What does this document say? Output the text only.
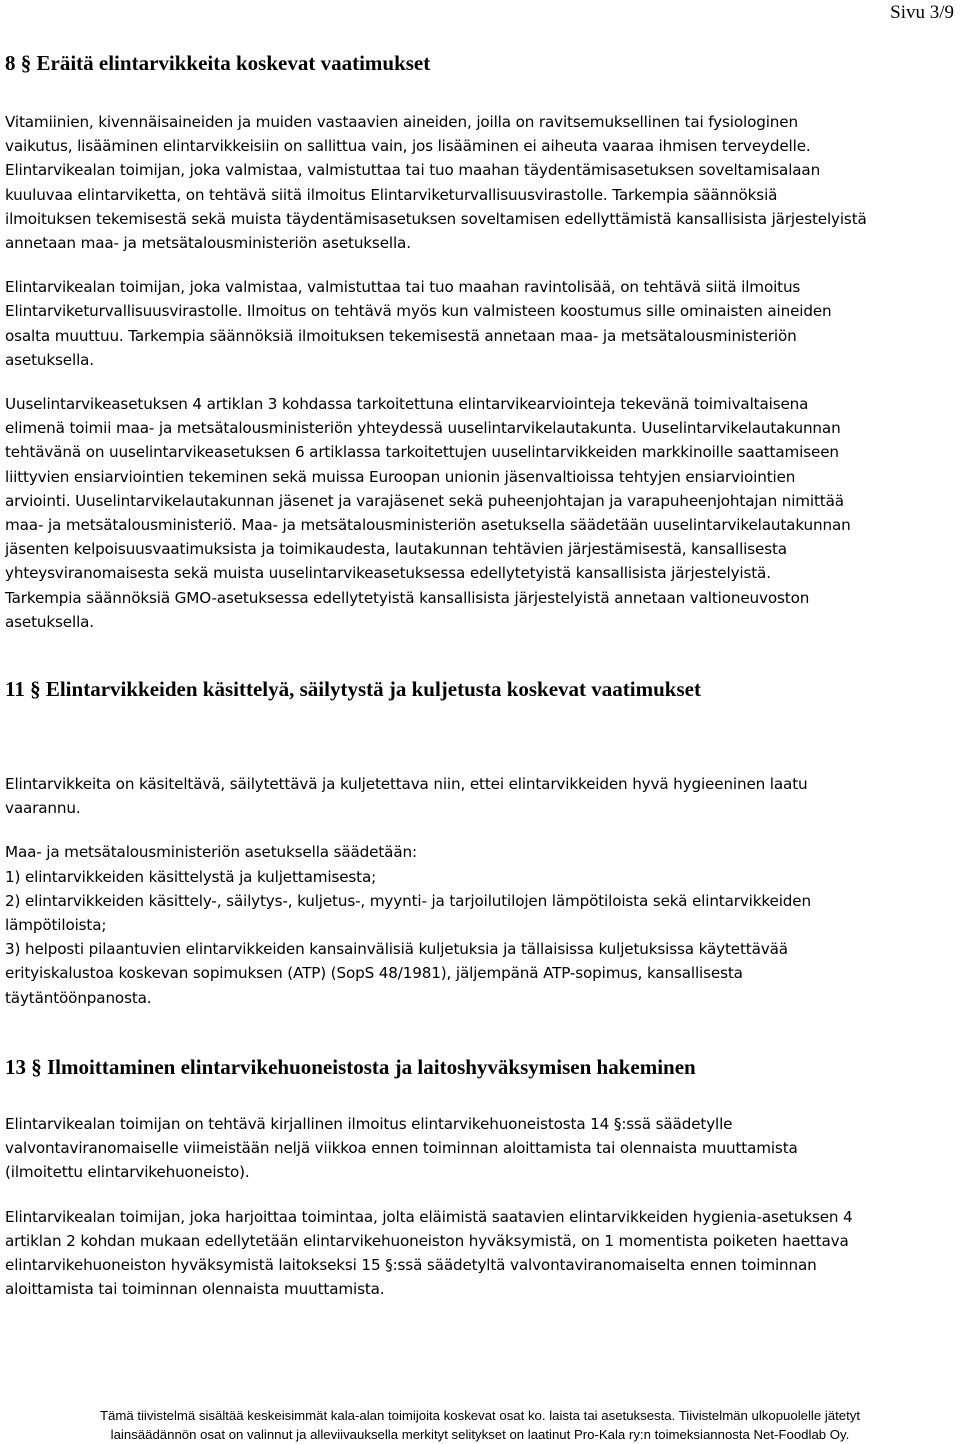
Sivu 3/9
8 § Eräitä elintarvikkeita koskevat vaatimukset

Vitamiinien, kivennäisaineiden ja muiden vastaavien aineiden, joilla on ravitsemuksellinen tai fysiologinen
vaikutus, lisääminen elintarvikkeisiin on sallittua vain, jos lisääminen ei aiheuta vaaraa ihmisen terveydelle.
Elintarvikealan toimijan, joka valmistaa, valmistuttaa tai tuo maahan täydentämisasetuksen soveltamisalaan
kuuluvaa elintarviketta, on tehtävä siitä ilmoitus Elintarviketurvallisuusvirastolle. Tarkempia säännöksiä
ilmoituksen tekemisestä sekä muista täydentämisasetuksen soveltamisen edellyttämistä kansallisista järjestelyistä
annetaan maa- ja metsätalousministeriön asetuksella.

Elintarvikealan toimijan, joka valmistaa, valmistuttaa tai tuo maahan ravintolisää, on tehtävä siitä ilmoitus
Elintarviketurvallisuusvirastolle. Ilmoitus on tehtävä myös kun valmisteen koostumus sille ominaisten aineiden
osalta muuttuu. Tarkempia säännöksiä ilmoituksen tekemisestä annetaan maa- ja metsätalousministeriön
asetuksella.

Uuselintarvikeasetuksen 4 artiklan 3 kohdassa tarkoitettuna elintarvikearviointeja tekevänä toimivaltaisena
elimenä toimii maa- ja metsätalousministeriön yhteydessä uuselintarvikelautakunta. Uuselintarvikelautakunnan
tehtävänä on uuselintarvikeasetuksen 6 artiklassa tarkoitettujen uuselintarvikkeiden markkinoille saattamiseen
liittyvien ensiarviointien tekeminen sekä muissa Euroopan unionin jäsenvaltioissa tehtyjen ensiarviointien
arviointi. Uuselintarvikelautakunnan jäsenet ja varajäsenet sekä puheenjohtajan ja varapuheenjohtajan nimittää
maa- ja metsätalousministeriö. Maa- ja metsätalousministeriön asetuksella säädetään uuselintarvikelautakunnan
jäsenten kelpoisuusvaatimuksista ja toimikaudesta, lautakunnan tehtävien järjestämisestä, kansallisesta
yhteysviranomaisesta sekä muista uuselintarvikeasetuksessa edellytetyistä kansallisista järjestelyistä.
Tarkempia säännöksiä GMO-asetuksessa edellytetyistä kansallisista järjestelyistä annetaan valtioneuvoston
asetuksella.

11 § Elintarvikkeiden käsittelyä, säilytystä ja kuljetusta koskevat vaatimukset

Elintarvikkeita on käsiteltävä, säilytettävä ja kuljetettava niin, ettei elintarvikkeiden hyvä hygieeninen laatu
vaarannu.

Maa- ja metsätalousministeriön asetuksella säädetään:
1) elintarvikkeiden käsittelystä ja kuljettamisesta;
2) elintarvikkeiden käsittely-, säilytys-, kuljetus-, myynti- ja tarjoilutilojen lämpötiloista sekä elintarvikkeiden
lämpötiloista;
3) helposti pilaantuvien elintarvikkeiden kansainvälisiä kuljetuksia ja tällaisissa kuljetuksissa käytettävää
erityiskalustoa koskevan sopimuksen (ATP) (SopS 48/1981), jäljempänä ATP-sopimus, kansallisesta
täytäntöönpanosta.

13 § Ilmoittaminen elintarvikehuoneistosta ja laitoshyväksymisen hakeminen

Elintarvikealan toimijan on tehtävä kirjallinen ilmoitus elintarvikehuoneistosta 14 §:ssä säädetylle
valvontaviranomaiselle viimeistään neljä viikkoa ennen toiminnan aloittamista tai olennaista muuttamista
(ilmoitettu elintarvikehuoneisto).

Elintarvikealan toimijan, joka harjoittaa toimintaa, jolta eläimistä saatavien elintarvikkeiden hygienia-asetuksen 4
artiklan 2 kohdan mukaan edellytetään elintarvikehuoneiston hyväksymistä, on 1 momentista poiketen haettava
elintarvikehuoneiston hyväksymistä laitokseksi 15 §:ssä säädetyltä valvontaviranomaiselta ennen toiminnan
aloittamista tai toiminnan olennaista muuttamista.

Tämä tiivistelmä sisältää keskeisimmät kala-alan toimijoita koskevat osat ko. laista tai asetuksesta. Tiivistelmän ulkopuolelle jätetyt
lainsäädännön osat on valinnut ja alleviivauksella merkityt selitykset on laatinut Pro-Kala ry:n toimeksiannosta Net-Foodlab Oy.
